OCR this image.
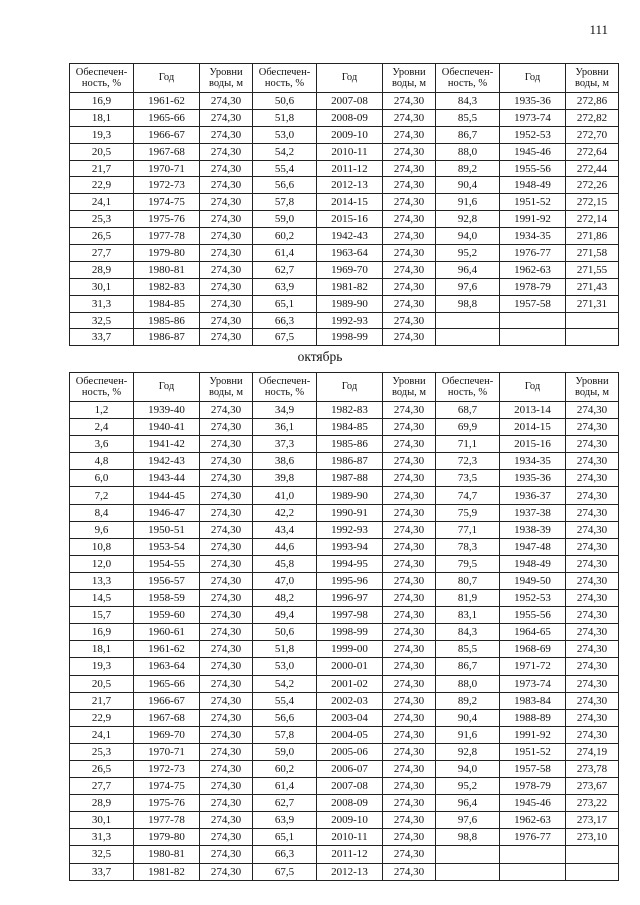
111
Обеспечен-ность, %	Год	Уровни воды, м	Обеспечен-ность, %	Год	Уровни воды, м	Обеспечен-ность, %	Год	Уровни воды, м
16,9	1961-62	274,30	50,6	2007-08	274,30	84,3	1935-36	272,86
18,1	1965-66	274,30	51,8	2008-09	274,30	85,5	1973-74	272,82
19,3	1966-67	274,30	53,0	2009-10	274,30	86,7	1952-53	272,70
20,5	1967-68	274,30	54,2	2010-11	274,30	88,0	1945-46	272,64
21,7	1970-71	274,30	55,4	2011-12	274,30	89,2	1955-56	272,44
22,9	1972-73	274,30	56,6	2012-13	274,30	90,4	1948-49	272,26
24,1	1974-75	274,30	57,8	2014-15	274,30	91,6	1951-52	272,15
25,3	1975-76	274,30	59,0	2015-16	274,30	92,8	1991-92	272,14
26,5	1977-78	274,30	60,2	1942-43	274,30	94,0	1934-35	271,86
27,7	1979-80	274,30	61,4	1963-64	274,30	95,2	1976-77	271,58
28,9	1980-81	274,30	62,7	1969-70	274,30	96,4	1962-63	271,55
30,1	1982-83	274,30	63,9	1981-82	274,30	97,6	1978-79	271,43
31,3	1984-85	274,30	65,1	1989-90	274,30	98,8	1957-58	271,31
32,5	1985-86	274,30	66,3	1992-93	274,30			
33,7	1986-87	274,30	67,5	1998-99	274,30			
октябрь
Обеспечен-ность, %	Год	Уровни воды, м	Обеспечен-ность, %	Год	Уровни воды, м	Обеспечен-ность, %	Год	Уровни воды, м
1,2	1939-40	274,30	34,9	1982-83	274,30	68,7	2013-14	274,30
2,4	1940-41	274,30	36,1	1984-85	274,30	69,9	2014-15	274,30
3,6	1941-42	274,30	37,3	1985-86	274,30	71,1	2015-16	274,30
4,8	1942-43	274,30	38,6	1986-87	274,30	72,3	1934-35	274,30
6,0	1943-44	274,30	39,8	1987-88	274,30	73,5	1935-36	274,30
7,2	1944-45	274,30	41,0	1989-90	274,30	74,7	1936-37	274,30
8,4	1946-47	274,30	42,2	1990-91	274,30	75,9	1937-38	274,30
9,6	1950-51	274,30	43,4	1992-93	274,30	77,1	1938-39	274,30
10,8	1953-54	274,30	44,6	1993-94	274,30	78,3	1947-48	274,30
12,0	1954-55	274,30	45,8	1994-95	274,30	79,5	1948-49	274,30
13,3	1956-57	274,30	47,0	1995-96	274,30	80,7	1949-50	274,30
14,5	1958-59	274,30	48,2	1996-97	274,30	81,9	1952-53	274,30
15,7	1959-60	274,30	49,4	1997-98	274,30	83,1	1955-56	274,30
16,9	1960-61	274,30	50,6	1998-99	274,30	84,3	1964-65	274,30
18,1	1961-62	274,30	51,8	1999-00	274,30	85,5	1968-69	274,30
19,3	1963-64	274,30	53,0	2000-01	274,30	86,7	1971-72	274,30
20,5	1965-66	274,30	54,2	2001-02	274,30	88,0	1973-74	274,30
21,7	1966-67	274,30	55,4	2002-03	274,30	89,2	1983-84	274,30
22,9	1967-68	274,30	56,6	2003-04	274,30	90,4	1988-89	274,30
24,1	1969-70	274,30	57,8	2004-05	274,30	91,6	1991-92	274,30
25,3	1970-71	274,30	59,0	2005-06	274,30	92,8	1951-52	274,19
26,5	1972-73	274,30	60,2	2006-07	274,30	94,0	1957-58	273,78
27,7	1974-75	274,30	61,4	2007-08	274,30	95,2	1978-79	273,67
28,9	1975-76	274,30	62,7	2008-09	274,30	96,4	1945-46	273,22
30,1	1977-78	274,30	63,9	2009-10	274,30	97,6	1962-63	273,17
31,3	1979-80	274,30	65,1	2010-11	274,30	98,8	1976-77	273,10
32,5	1980-81	274,30	66,3	2011-12	274,30			
33,7	1981-82	274,30	67,5	2012-13	274,30			
